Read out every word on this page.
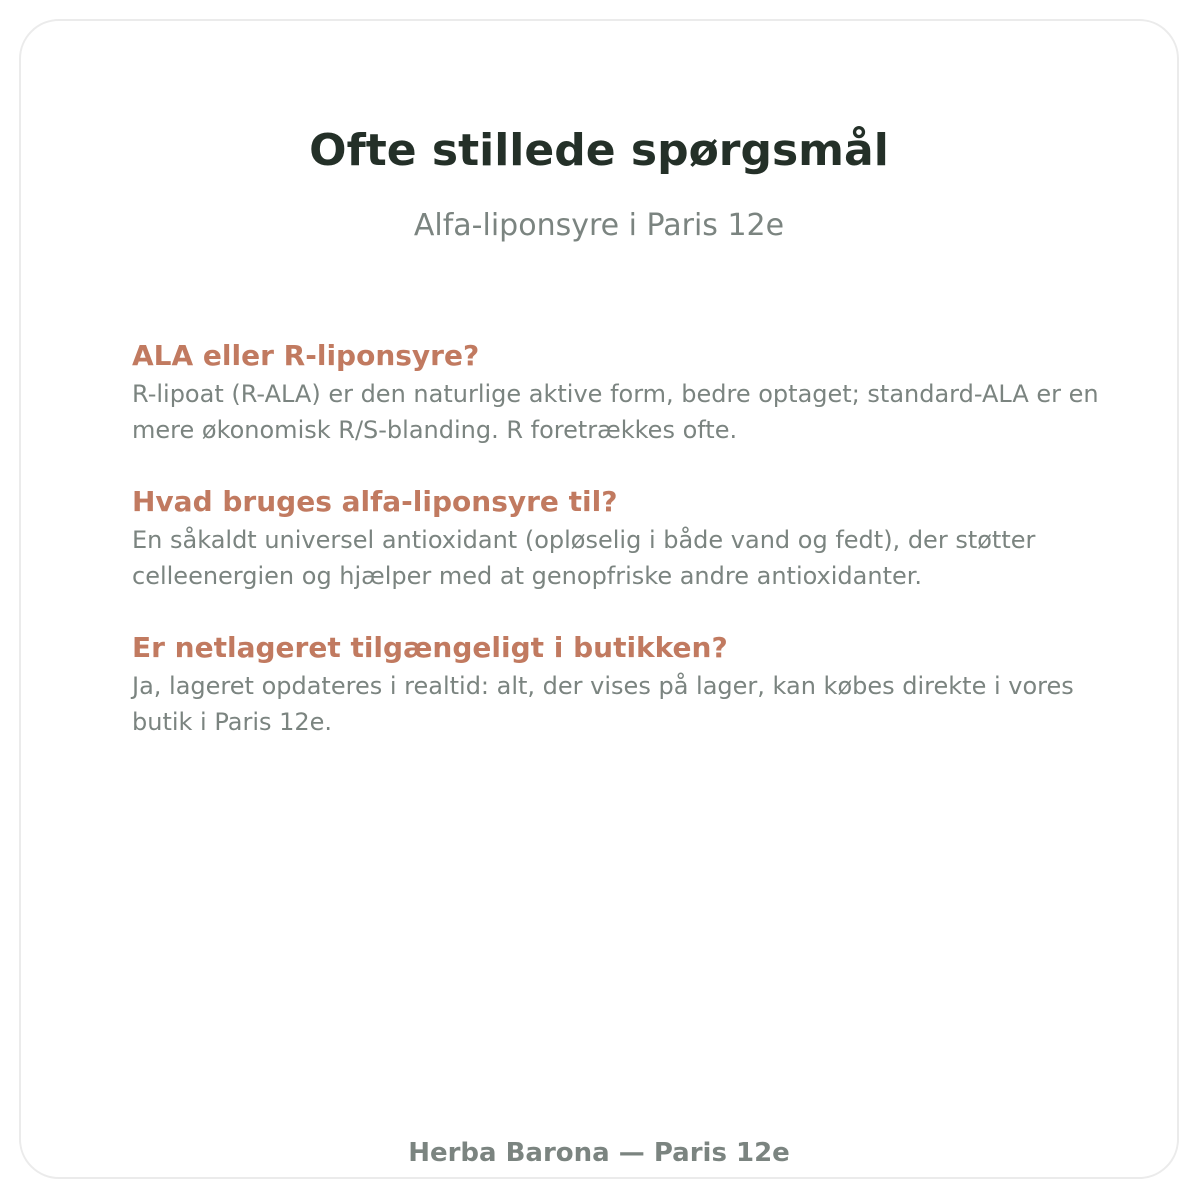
Ofte stillede spørgsmål

Alfa-liponsyre i Paris 12e

ALA eller R-liponsyre?

R-lipoat (R-ALA) er den naturlige aktive form, bedre optaget; standard-ALA er en mere økonomisk R/S-blanding. R foretrækkes ofte.

Hvad bruges alfa-liponsyre til?

En såkaldt universel antioxidant (opløselig i både vand og fedt), der støtter celleenergien og hjælper med at genopfriske andre antioxidanter.

Er netlageret tilgængeligt i butikken?

Ja, lageret opdateres i realtid: alt, der vises på lager, kan købes direkte i vores butik i Paris 12e.

Herba Barona — Paris 12e
